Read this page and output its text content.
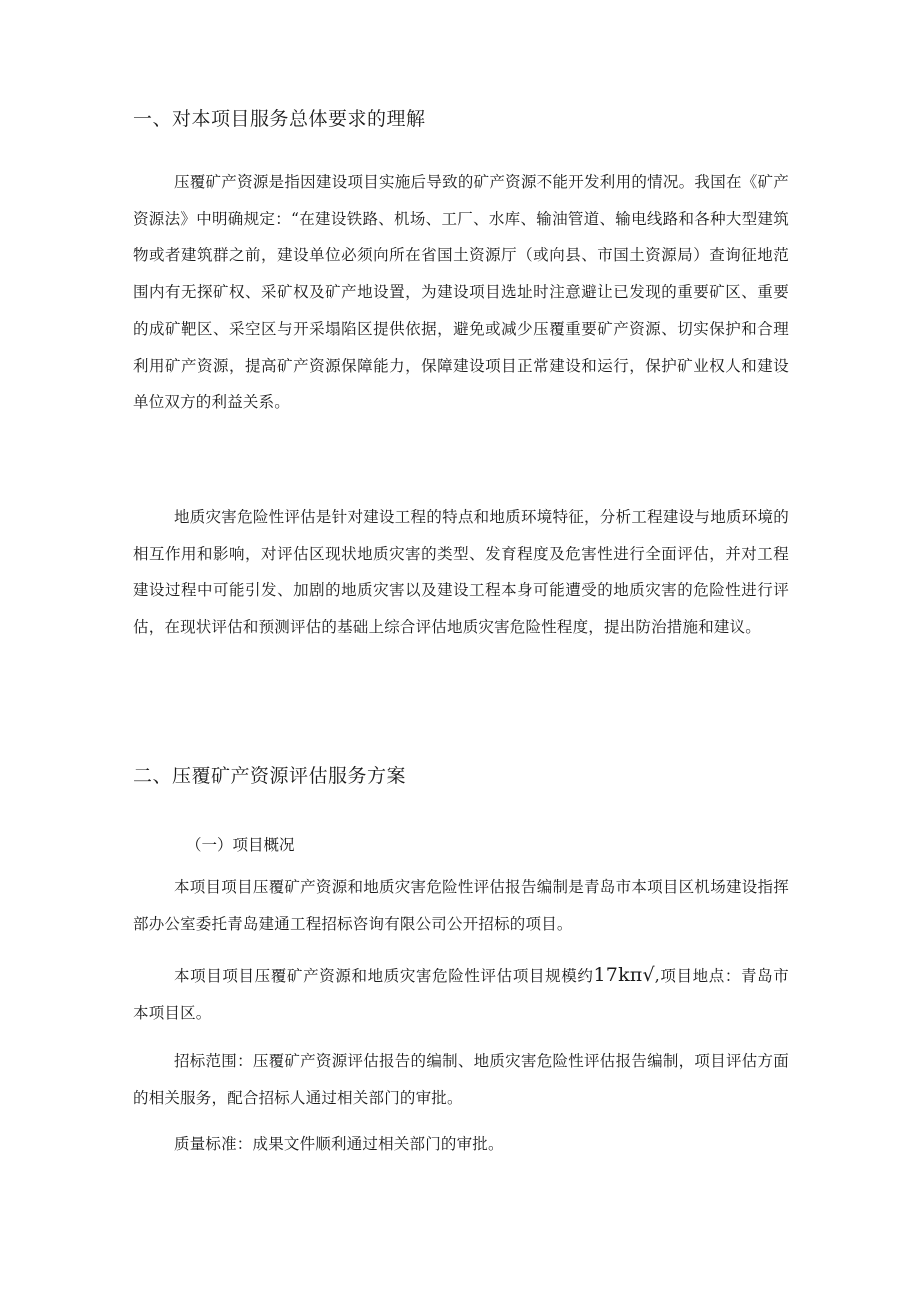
一、对本项目服务总体要求的理解

压覆矿产资源是指因建设项目实施后导致的矿产资源不能开发利用的情况。我国在《矿产资源法》中明确规定：“在建设铁路、机场、工厂、水库、输油管道、输电线路和各种大型建筑物或者建筑群之前，建设单位必须向所在省国土资源厅（或向县、市国土资源局）查询征地范围内有无探矿权、采矿权及矿产地设置，为建设项目选址时注意避让已发现的重要矿区、重要的成矿靶区、采空区与开采塌陷区提供依据，避免或减少压覆重要矿产资源、切实保护和合理利用矿产资源，提高矿产资源保障能力，保障建设项目正常建设和运行，保护矿业权人和建设单位双方的利益关系。

地质灾害危险性评估是针对建设工程的特点和地质环境特征，分析工程建设与地质环境的相互作用和影响，对评估区现状地质灾害的类型、发育程度及危害性进行全面评估，并对工程建设过程中可能引发、加剧的地质灾害以及建设工程本身可能遭受的地质灾害的危险性进行评估，在现状评估和预测评估的基础上综合评估地质灾害危险性程度，提出防治措施和建议。

二、压覆矿产资源评估服务方案
（一）项目概况

本项目项目压覆矿产资源和地质灾害危险性评估报告编制是青岛市本项目区机场建设指挥部办公室委托青岛建通工程招标咨询有限公司公开招标的项目。

本项目项目压覆矿产资源和地质灾害危险性评估项目规模约17kπ√,项目地点：青岛市本项目区。

招标范围：压覆矿产资源评估报告的编制、地质灾害危险性评估报告编制，项目评估方面的相关服务，配合招标人通过相关部门的审批。

质量标准：成果文件顺利通过相关部门的审批。
